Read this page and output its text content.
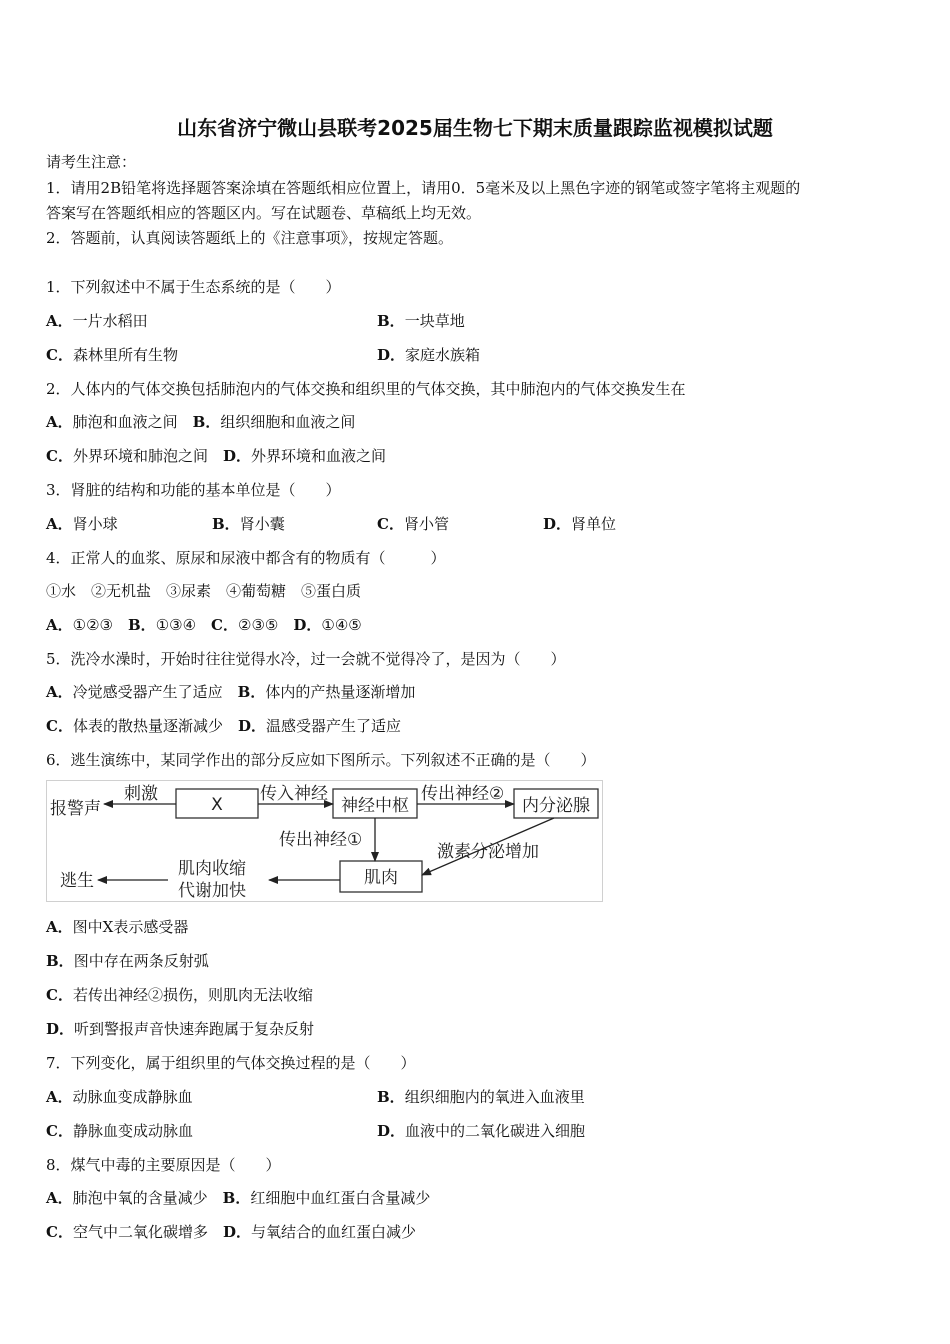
山东省济宁微山县联考2025届生物七下期末质量跟踪监视模拟试题
请考生注意：
1．请用2B铅笔将选择题答案涂填在答题纸相应位置上，请用0．5毫米及以上黑色字迹的钢笔或签字笔将主观题的
答案写在答题纸相应的答题区内。写在试题卷、草稿纸上均无效。
2．答题前，认真阅读答题纸上的《注意事项》，按规定答题。
1．下列叙述中不属于生态系统的是（　　）
A．一片水稻田	B．一块草地
C．森林里所有生物	D．家庭水族箱
2．人体内的气体交换包括肺泡内的气体交换和组织里的气体交换，其中肺泡内的气体交换发生在
A．肺泡和血液之间　 B．组织细胞和血液之间
C．外界环境和肺泡之间　 D．外界环境和血液之间
3．肾脏的结构和功能的基本单位是（　　）
A．肾小球	B．肾小囊	C．肾小管	D．肾单位
4．正常人的血浆、原尿和尿液中都含有的物质有（　　　）
①水　②无机盐　③尿素　④葡萄糖　⑤蛋白质
A．①②③　 B．①③④　 C．②③⑤　 D．①④⑤
5．洗冷水澡时，开始时往往觉得水冷，过一会就不觉得冷了，是因为（　　）
A．冷觉感受器产生了适应　 B．体内的产热量逐渐增加
C．体表的散热量逐渐减少　 D．温感受器产生了适应
6．逃生演练中，某同学作出的部分反应如下图所示。下列叙述不正确的是（　　）
报警声
刺激
X
传入神经
神经中枢
传出神经②
内分泌腺
传出神经①
激素分泌增加
肌肉
肌肉收缩
代谢加快
逃生
A．图中X表示感受器
B．图中存在两条反射弧
C．若传出神经②损伤，则肌肉无法收缩
D．听到警报声音快速奔跑属于复杂反射
7．下列变化，属于组织里的气体交换过程的是（　　）
A．动脉血变成静脉血	B．组织细胞内的氧进入血液里
C．静脉血变成动脉血	D．血液中的二氧化碳进入细胞
8．煤气中毒的主要原因是（　　）
A．肺泡中氧的含量减少　 B．红细胞中血红蛋白含量减少
C．空气中二氧化碳增多　 D．与氧结合的血红蛋白减少
